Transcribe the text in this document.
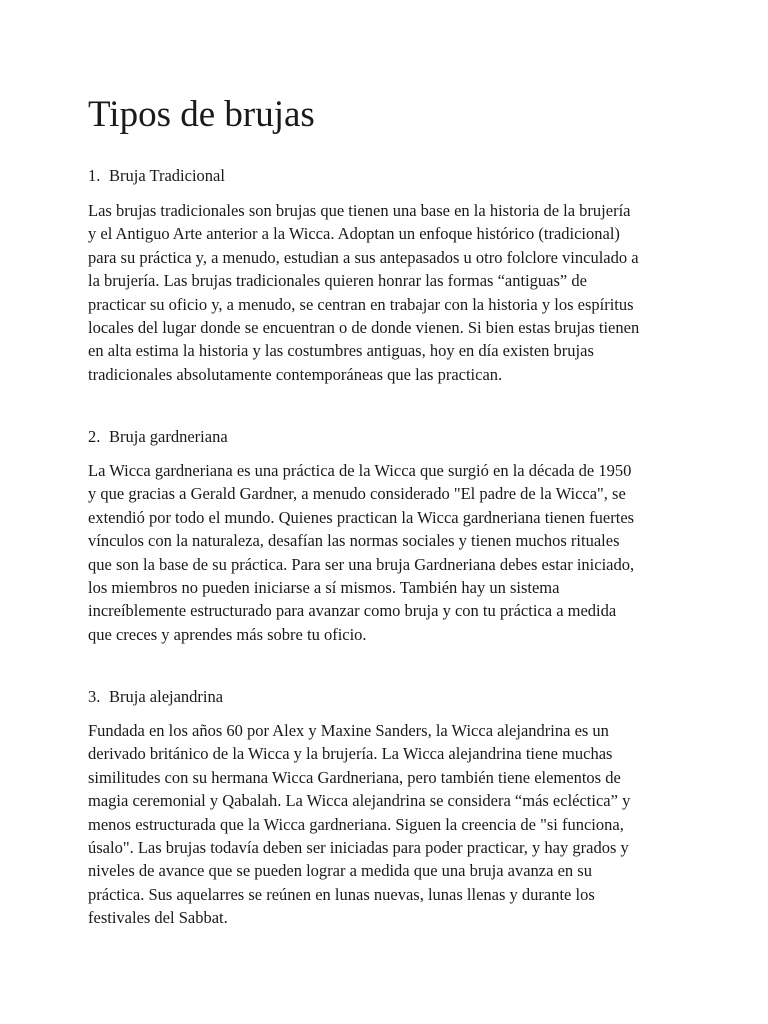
Tipos de brujas
1. Bruja Tradicional

Las brujas tradicionales son brujas que tienen una base en la historia de la brujería
y el Antiguo Arte anterior a la Wicca. Adoptan un enfoque histórico (tradicional)
para su práctica y, a menudo, estudian a sus antepasados u otro folclore vinculado a
la brujería. Las brujas tradicionales quieren honrar las formas “antiguas” de
practicar su oficio y, a menudo, se centran en trabajar con la historia y los espíritus
locales del lugar donde se encuentran o de donde vienen. Si bien estas brujas tienen
en alta estima la historia y las costumbres antiguas, hoy en día existen brujas
tradicionales absolutamente contemporáneas que las practican.

2. Bruja gardneriana

La Wicca gardneriana es una práctica de la Wicca que surgió en la década de 1950
y que gracias a Gerald Gardner, a menudo considerado "El padre de la Wicca", se
extendió por todo el mundo. Quienes practican la Wicca gardneriana tienen fuertes
vínculos con la naturaleza, desafían las normas sociales y tienen muchos rituales
que son la base de su práctica. Para ser una bruja Gardneriana debes estar iniciado,
los miembros no pueden iniciarse a sí mismos. También hay un sistema
increíblemente estructurado para avanzar como bruja y con tu práctica a medida
que creces y aprendes más sobre tu oficio.

3. Bruja alejandrina

Fundada en los años 60 por Alex y Maxine Sanders, la Wicca alejandrina es un
derivado británico de la Wicca y la brujería. La Wicca alejandrina tiene muchas
similitudes con su hermana Wicca Gardneriana, pero también tiene elementos de
magia ceremonial y Qabalah. La Wicca alejandrina se considera “más ecléctica” y
menos estructurada que la Wicca gardneriana. Siguen la creencia de "si funciona,
úsalo". Las brujas todavía deben ser iniciadas para poder practicar, y hay grados y
niveles de avance que se pueden lograr a medida que una bruja avanza en su
práctica. Sus aquelarres se reúnen en lunas nuevas, lunas llenas y durante los
festivales del Sabbat.
